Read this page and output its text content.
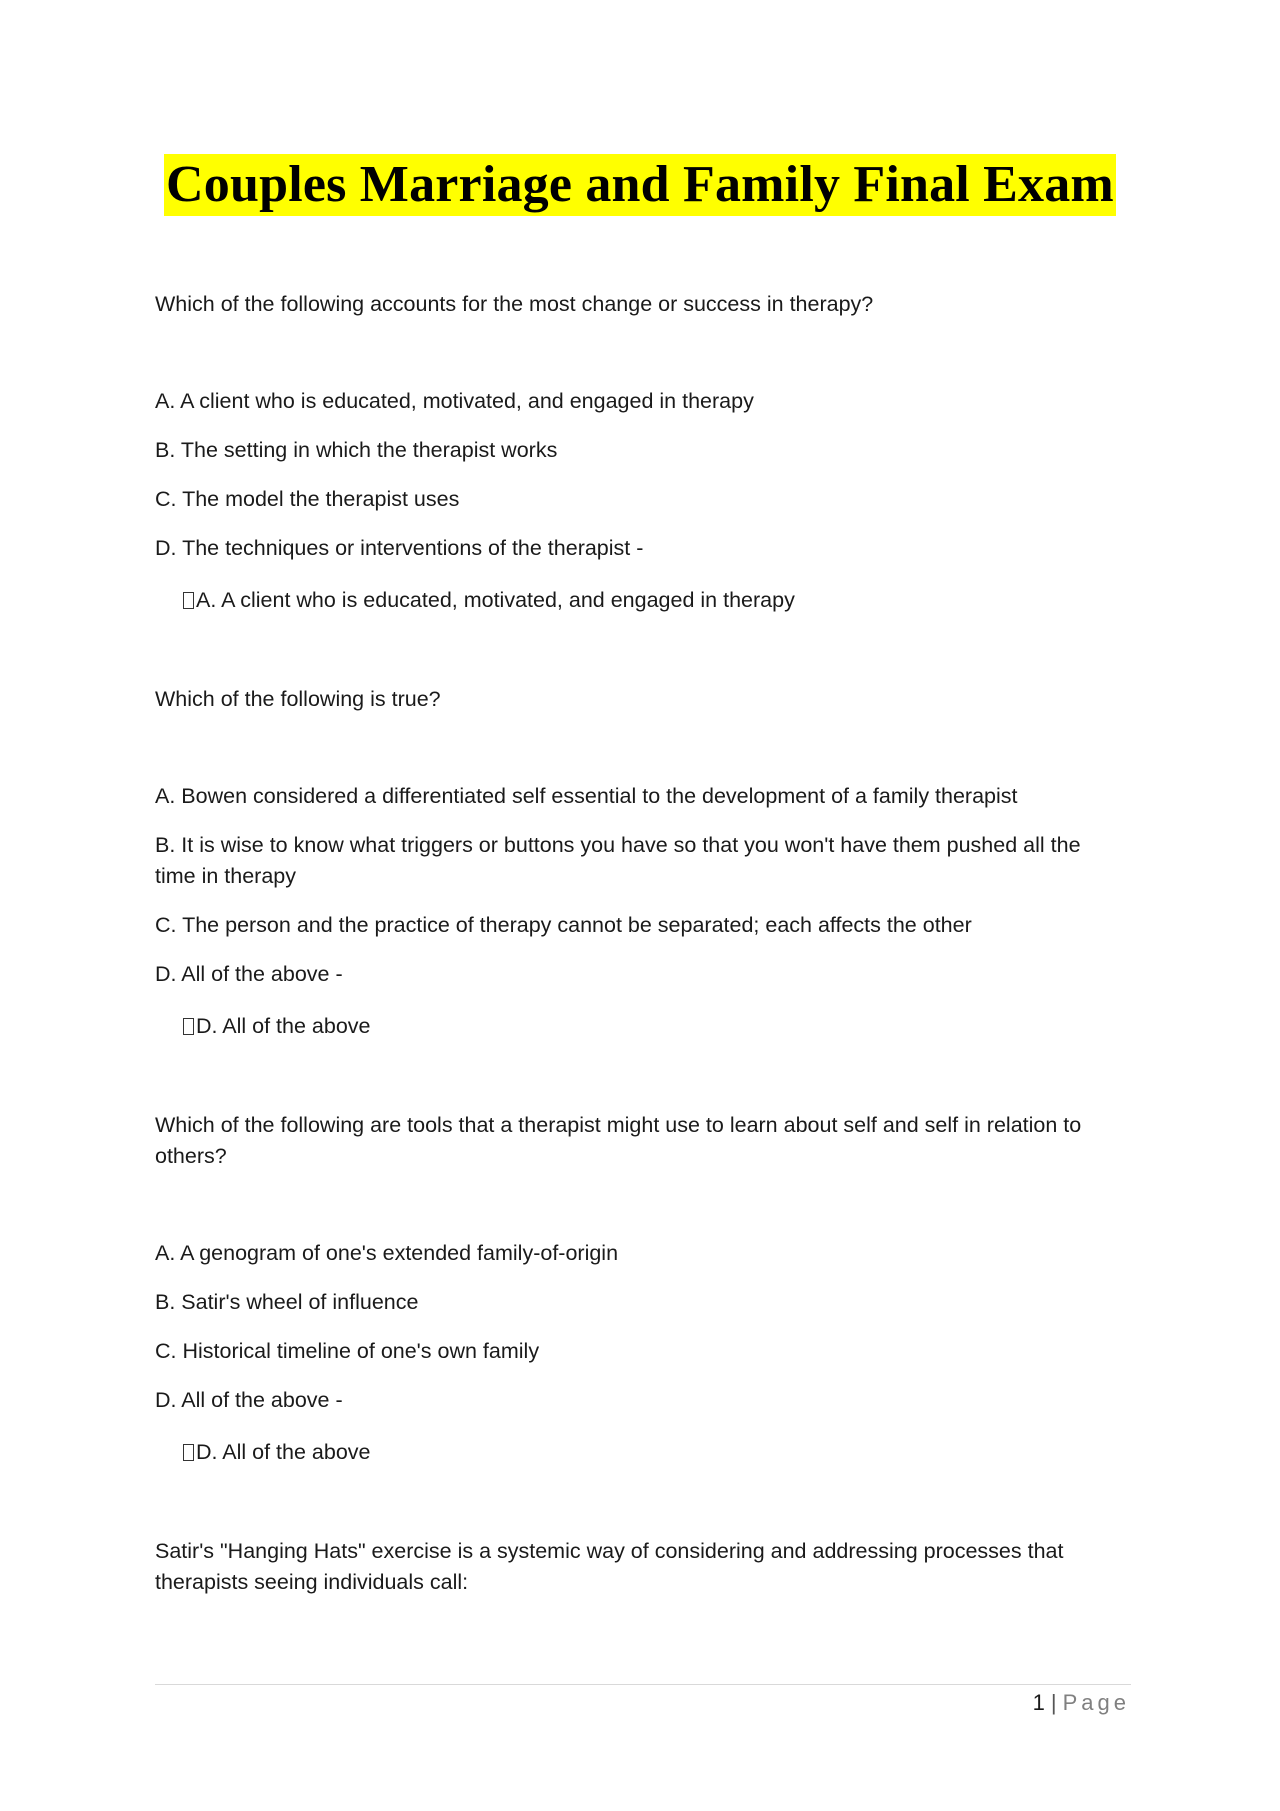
Couples Marriage and Family Final Exam

Which of the following accounts for the most change or success in therapy?

A. A client who is educated, motivated, and engaged in therapy

B. The setting in which the therapist works

C. The model the therapist uses

D. The techniques or interventions of the therapist -

A. A client who is educated, motivated, and engaged in therapy

Which of the following is true?

A. Bowen considered a differentiated self essential to the development of a family therapist

B. It is wise to know what triggers or buttons you have so that you won't have them pushed all the time in therapy

C. The person and the practice of therapy cannot be separated; each affects the other

D. All of the above -

D. All of the above

Which of the following are tools that a therapist might use to learn about self and self in relation to others?

A. A genogram of one's extended family-of-origin

B. Satir's wheel of influence

C. Historical timeline of one's own family

D. All of the above -

D. All of the above

Satir's "Hanging Hats" exercise is a systemic way of considering and addressing processes that therapists seeing individuals call:

1 | Page
